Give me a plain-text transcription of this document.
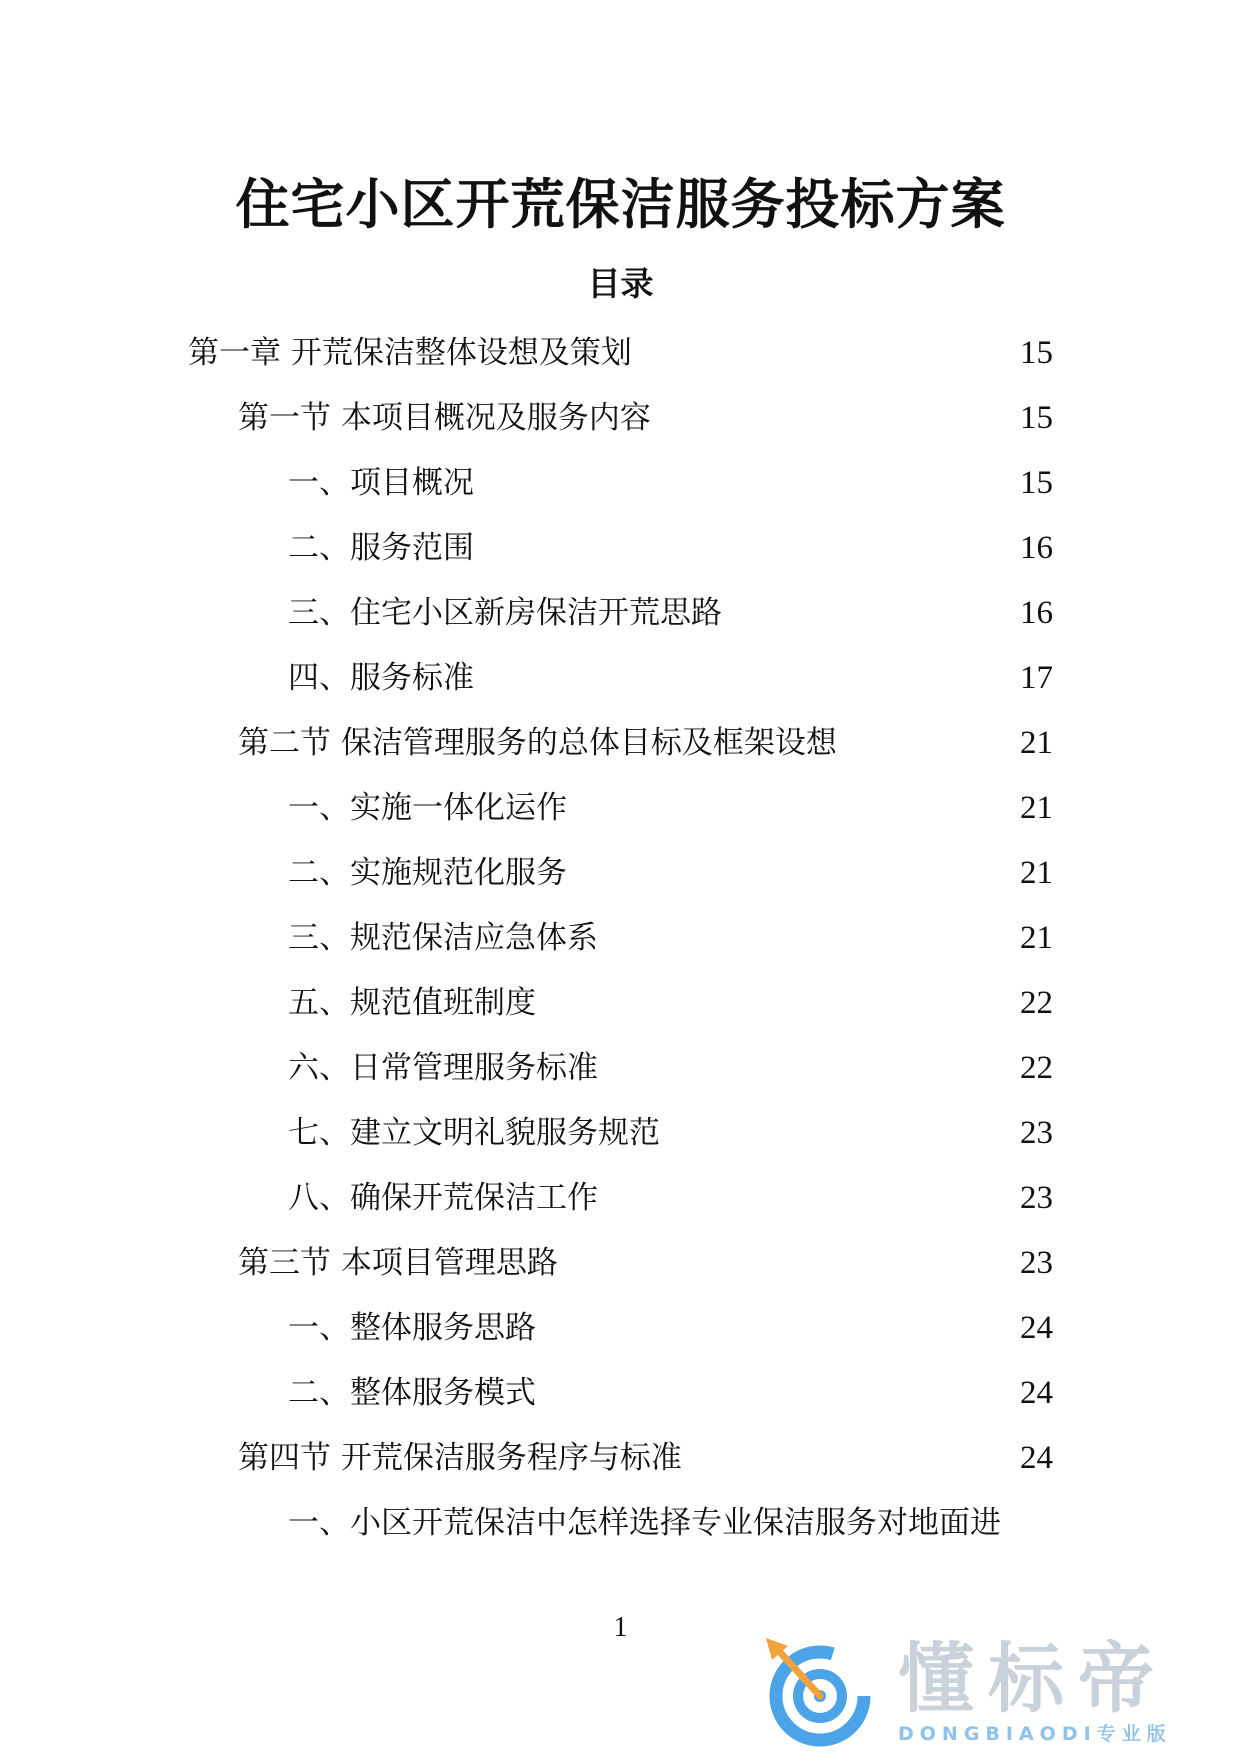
住宅小区开荒保洁服务投标方案
目录
第一章 开荒保洁整体设想及策划	15
第一节 本项目概况及服务内容	15
一、项目概况	15
二、服务范围	16
三、住宅小区新房保洁开荒思路	16
四、服务标准	17
第二节 保洁管理服务的总体目标及框架设想	21
一、实施一体化运作	21
二、实施规范化服务	21
三、规范保洁应急体系	21
五、规范值班制度	22
六、日常管理服务标准	22
七、建立文明礼貌服务规范	23
八、确保开荒保洁工作	23
第三节 本项目管理思路	23
一、整体服务思路	24
二、整体服务模式	24
第四节 开荒保洁服务程序与标准	24
一、小区开荒保洁中怎样选择专业保洁服务对地面进
1
懂标帝
DONGBIAODI专业版
